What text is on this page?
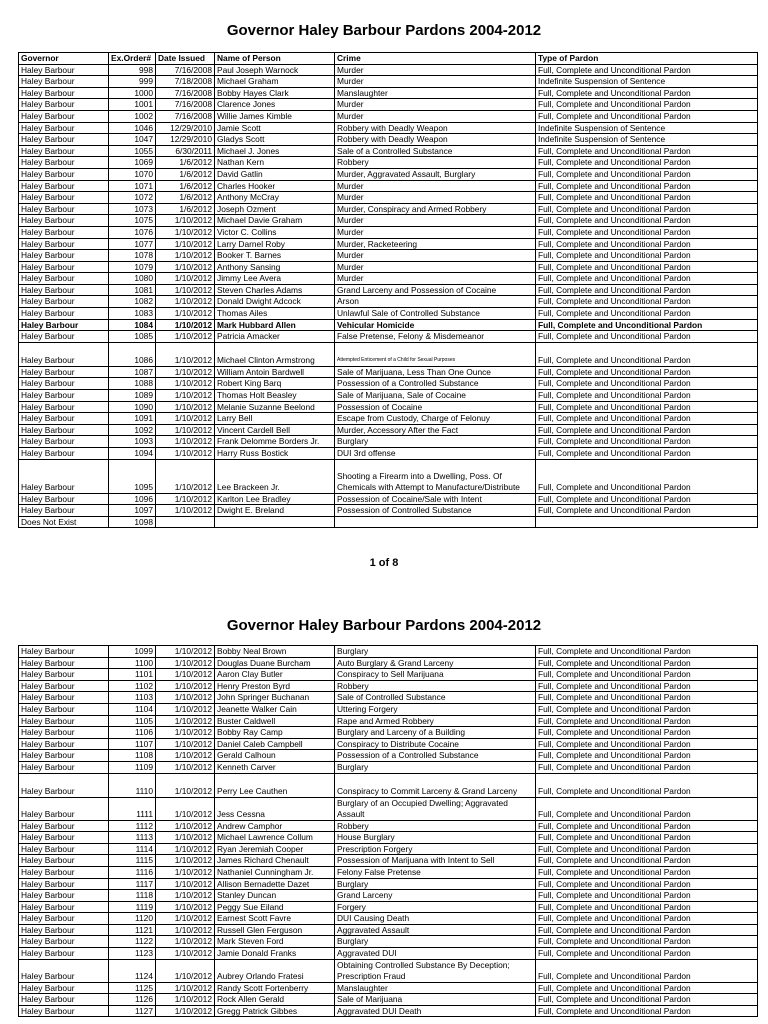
Governor Haley Barbour Pardons 2004-2012
Governor	Ex.Order#	Date Issued	Name of Person	Crime	Type of Pardon
Haley Barbour	998	7/16/2008	Paul Joseph Warnock	Murder	Full, Complete and Unconditional Pardon
Haley Barbour	999	7/18/2008	Michael Graham	Murder	Indefinite Suspension of Sentence
Haley Barbour	1000	7/16/2008	Bobby Hayes Clark	Manslaughter	Full, Complete and Unconditional Pardon
Haley Barbour	1001	7/16/2008	Clarence Jones	Murder	Full, Complete and Unconditional Pardon
Haley Barbour	1002	7/16/2008	Willie James Kimble	Murder	Full, Complete and Unconditional Pardon
Haley Barbour	1046	12/29/2010	Jamie Scott	Robbery with Deadly Weapon	Indefinite Suspension of Sentence
Haley Barbour	1047	12/29/2010	Gladys Scott	Robbery with Deadly Weapon	Indefinite Suspension of Sentence
Haley Barbour	1055	6/30/2011	Michael J. Jones	Sale of a Controlled Substance	Full, Complete and Unconditional Pardon
Haley Barbour	1069	1/6/2012	Nathan Kern	Robbery	Full, Complete and Unconditional Pardon
Haley Barbour	1070	1/6/2012	David Gatlin	Murder, Aggravated Assault, Burglary	Full, Complete and Unconditional Pardon
Haley Barbour	1071	1/6/2012	Charles Hooker	Murder	Full, Complete and Unconditional Pardon
Haley Barbour	1072	1/6/2012	Anthony McCray	Murder	Full, Complete and Unconditional Pardon
Haley Barbour	1073	1/6/2012	Joseph Ozment	Murder, Conspiracy and Armed Robbery	Full, Complete and Unconditional Pardon
Haley Barbour	1075	1/10/2012	Michael Davie Graham	Murder	Full, Complete and Unconditional Pardon
Haley Barbour	1076	1/10/2012	Victor C. Collins	Murder	Full, Complete and Unconditional Pardon
Haley Barbour	1077	1/10/2012	Larry Darnel Roby	Murder, Racketeering	Full, Complete and Unconditional Pardon
Haley Barbour	1078	1/10/2012	Booker T. Barnes	Murder	Full, Complete and Unconditional Pardon
Haley Barbour	1079	1/10/2012	Anthony Sansing	Murder	Full, Complete and Unconditional Pardon
Haley Barbour	1080	1/10/2012	Jimmy Lee Avera	Murder	Full, Complete and Unconditional Pardon
Haley Barbour	1081	1/10/2012	Steven Charles Adams	Grand Larceny and Possession of Cocaine	Full, Complete and Unconditional Pardon
Haley Barbour	1082	1/10/2012	Donald Dwight Adcock	Arson	Full, Complete and Unconditional Pardon
Haley Barbour	1083	1/10/2012	Thomas Ailes	Unlawful Sale of Controlled Substance	Full, Complete and Unconditional Pardon
Haley Barbour	1084	1/10/2012	Mark Hubbard Allen	Vehicular Homicide	Full, Complete and Unconditional Pardon
Haley Barbour	1085	1/10/2012	Patricia Amacker	False Pretense, Felony & Misdemeanor	Full, Complete and Unconditional Pardon
Haley Barbour	1086	1/10/2012	Michael Clinton Armstrong	Attempted Enticement of a Child for Sexual Purposes	Full, Complete and Unconditional Pardon
Haley Barbour	1087	1/10/2012	William Antoin Bardwell	Sale of Marijuana, Less Than One Ounce	Full, Complete and Unconditional Pardon
Haley Barbour	1088	1/10/2012	Robert King Barq	Possession of a Controlled Substance	Full, Complete and Unconditional Pardon
Haley Barbour	1089	1/10/2012	Thomas Holt Beasley	Sale of Marijuana, Sale of Cocaine	Full, Complete and Unconditional Pardon
Haley Barbour	1090	1/10/2012	Melanie Suzanne Beelond	Possession of Cocaine	Full, Complete and Unconditional Pardon
Haley Barbour	1091	1/10/2012	Larry Bell	Escape from Custody, Charge of Felonuy	Full, Complete and Unconditional Pardon
Haley Barbour	1092	1/10/2012	Vincent Cardell Bell	Murder, Accessory After the Fact	Full, Complete and Unconditional Pardon
Haley Barbour	1093	1/10/2012	Frank Delomme Borders Jr.	Burglary	Full, Complete and Unconditional Pardon
Haley Barbour	1094	1/10/2012	Harry Russ Bostick	DUI 3rd offense	Full, Complete and Unconditional Pardon
Haley Barbour	1095	1/10/2012	Lee Brackeen Jr.	Shooting a Firearm into a Dwelling, Poss. Of Chemicals with Attempt to Manufacture/Distribute	Full, Complete and Unconditional Pardon
Haley Barbour	1096	1/10/2012	Karlton Lee Bradley	Possession of Cocaine/Sale with Intent	Full, Complete and Unconditional Pardon
Haley Barbour	1097	1/10/2012	Dwight E. Breland	Possession of Controlled Substance	Full, Complete and Unconditional Pardon
Does Not Exist	1098				
1 of 8
Governor Haley Barbour Pardons 2004-2012
Haley Barbour	1099	1/10/2012	Bobby Neal Brown	Burglary	Full, Complete and Unconditional Pardon
Haley Barbour	1100	1/10/2012	Douglas Duane Burcham	Auto Burglary & Grand Larceny	Full, Complete and Unconditional Pardon
Haley Barbour	1101	1/10/2012	Aaron Clay Butler	Conspiracy to Sell Marijuana	Full, Complete and Unconditional Pardon
Haley Barbour	1102	1/10/2012	Henry Preston Byrd	Robbery	Full, Complete and Unconditional Pardon
Haley Barbour	1103	1/10/2012	John Springer Buchanan	Sale of Controlled Substance	Full, Complete and Unconditional Pardon
Haley Barbour	1104	1/10/2012	Jeanette Walker Cain	Uttering Forgery	Full, Complete and Unconditional Pardon
Haley Barbour	1105	1/10/2012	Buster Caldwell	Rape and Armed Robbery	Full, Complete and Unconditional Pardon
Haley Barbour	1106	1/10/2012	Bobby Ray Camp	Burglary and Larceny of a Building	Full, Complete and Unconditional Pardon
Haley Barbour	1107	1/10/2012	Daniel Caleb Campbell	Conspiracy to Distribute Cocaine	Full, Complete and Unconditional Pardon
Haley Barbour	1108	1/10/2012	Gerald Calhoun	Possession of a Controlled Substance	Full, Complete and Unconditional Pardon
Haley Barbour	1109	1/10/2012	Kenneth Carver	Burglary	Full, Complete and Unconditional Pardon
Haley Barbour	1110	1/10/2012	Perry Lee Cauthen	Conspiracy to Commit Larceny & Grand Larceny	Full, Complete and Unconditional Pardon
Haley Barbour	1111	1/10/2012	Jess Cessna	Burglary of an Occupied Dwelling; Aggravated Assault	Full, Complete and Unconditional Pardon
Haley Barbour	1112	1/10/2012	Andrew Camphor	Robbery	Full, Complete and Unconditional Pardon
Haley Barbour	1113	1/10/2012	Michael Lawrence Collum	House Burglary	Full, Complete and Unconditional Pardon
Haley Barbour	1114	1/10/2012	Ryan Jeremiah Cooper	Prescription Forgery	Full, Complete and Unconditional Pardon
Haley Barbour	1115	1/10/2012	James Richard Chenault	Possession of Marijuana with Intent to Sell	Full, Complete and Unconditional Pardon
Haley Barbour	1116	1/10/2012	Nathaniel Cunningham Jr.	Felony False Pretense	Full, Complete and Unconditional Pardon
Haley Barbour	1117	1/10/2012	Allison Bernadette Dazet	Burglary	Full, Complete and Unconditional Pardon
Haley Barbour	1118	1/10/2012	Stanley Duncan	Grand Larceny	Full, Complete and Unconditional Pardon
Haley Barbour	1119	1/10/2012	Peggy Sue Eiland	Forgery	Full, Complete and Unconditional Pardon
Haley Barbour	1120	1/10/2012	Earnest Scott Favre	DUI Causing Death	Full, Complete and Unconditional Pardon
Haley Barbour	1121	1/10/2012	Russell Glen Ferguson	Aggravated Assault	Full, Complete and Unconditional Pardon
Haley Barbour	1122	1/10/2012	Mark Steven Ford	Burglary	Full, Complete and Unconditional Pardon
Haley Barbour	1123	1/10/2012	Jamie Donald Franks	Aggravated DUI	Full, Complete and Unconditional Pardon
Haley Barbour	1124	1/10/2012	Aubrey Orlando Fratesi	Obtaining Controlled Substance By Deception; Prescription Fraud	Full, Complete and Unconditional Pardon
Haley Barbour	1125	1/10/2012	Randy Scott Fortenberry	Manslaughter	Full, Complete and Unconditional Pardon
Haley Barbour	1126	1/10/2012	Rock Allen Gerald	Sale of Marijuana	Full, Complete and Unconditional Pardon
Haley Barbour	1127	1/10/2012	Gregg Patrick Gibbes	Aggravated DUI Death	Full, Complete and Unconditional Pardon
